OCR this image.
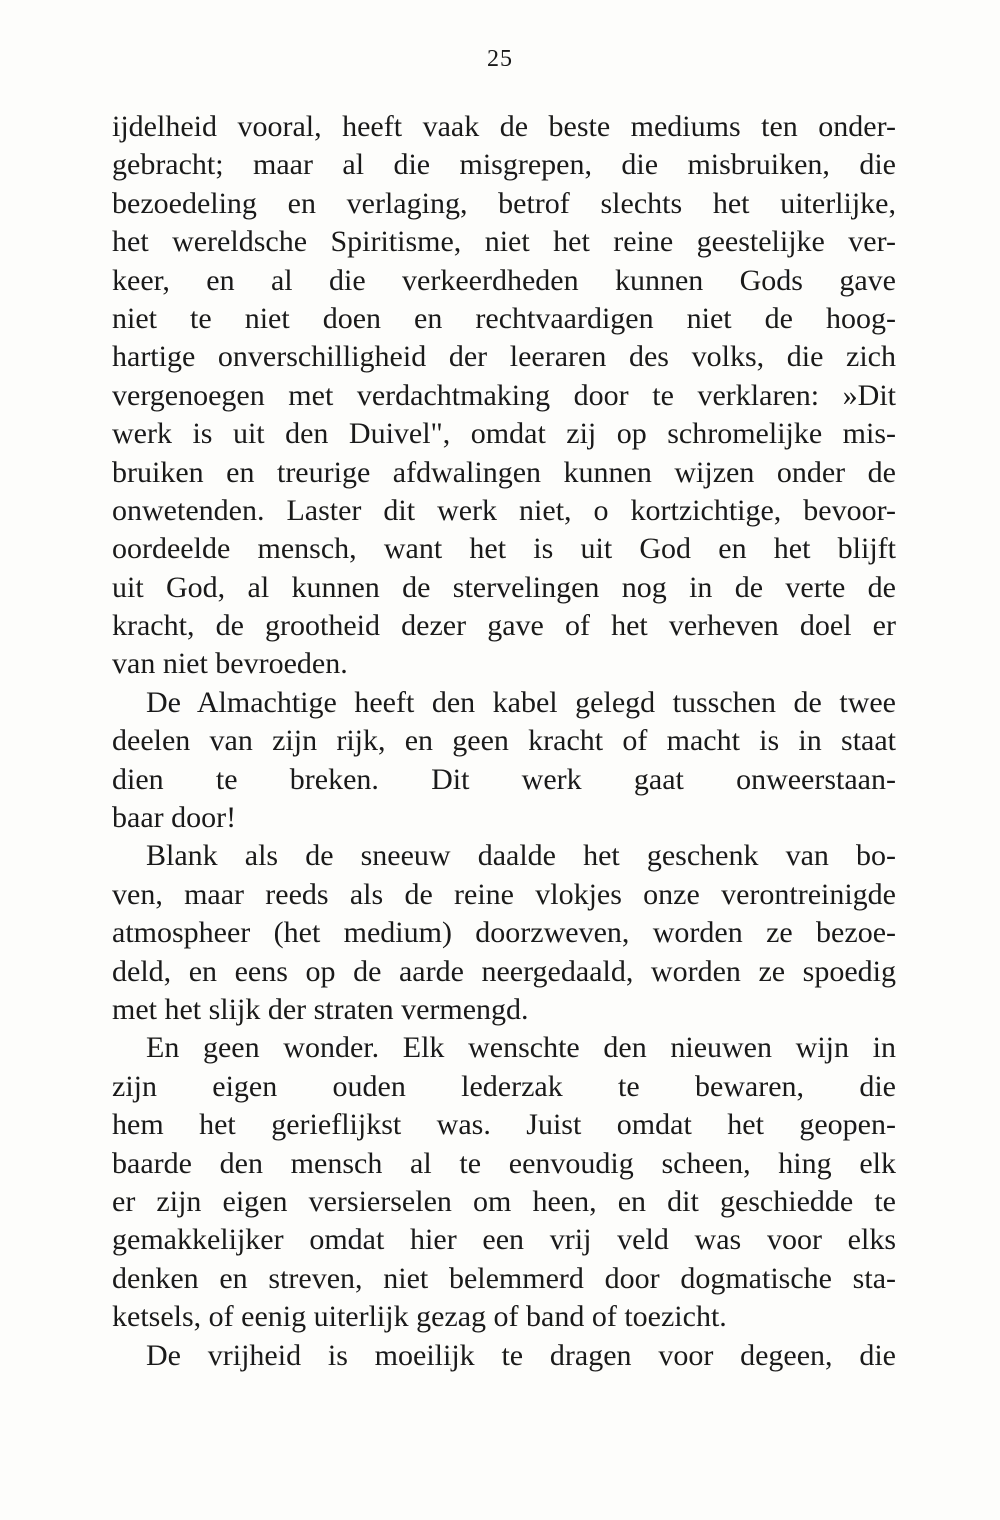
25
ijdelheid vooral, heeft vaak de beste mediums ten onder-
gebracht; maar al die misgrepen, die misbruiken, die
bezoedeling en verlaging, betrof slechts het uiterlijke,
het wereldsche Spiritisme, niet het reine geestelijke ver-
keer, en al die verkeerdheden kunnen Gods gave
niet te niet doen en rechtvaardigen niet de hoog-
hartige onverschilligheid der leeraren des volks, die zich
vergenoegen met verdachtmaking door te verklaren: »Dit
werk is uit den Duivel", omdat zij op schromelijke mis-
bruiken en treurige afdwalingen kunnen wijzen onder de
onwetenden. Laster dit werk niet, o kortzichtige, bevoor-
oordeelde mensch, want het is uit God en het blijft
uit God, al kunnen de stervelingen nog in de verte de
kracht, de grootheid dezer gave of het verheven doel er
van niet bevroeden.
De Almachtige heeft den kabel gelegd tusschen de twee
deelen van zijn rijk, en geen kracht of macht is in staat
dien te breken. Dit werk gaat onweerstaan-
baar door!
Blank als de sneeuw daalde het geschenk van bo-
ven, maar reeds als de reine vlokjes onze verontreinigde
atmospheer (het medium) doorzweven, worden ze bezoe-
deld, en eens op de aarde neergedaald, worden ze spoedig
met het slijk der straten vermengd.
En geen wonder. Elk wenschte den nieuwen wijn in
zijn eigen ouden lederzak te bewaren, die
hem het gerieflijkst was. Juist omdat het geopen-
baarde den mensch al te eenvoudig scheen, hing elk
er zijn eigen versierselen om heen, en dit geschiedde te
gemakkelijker omdat hier een vrij veld was voor elks
denken en streven, niet belemmerd door dogmatische sta-
ketsels, of eenig uiterlijk gezag of band of toezicht.
De vrijheid is moeilijk te dragen voor degeen, die
